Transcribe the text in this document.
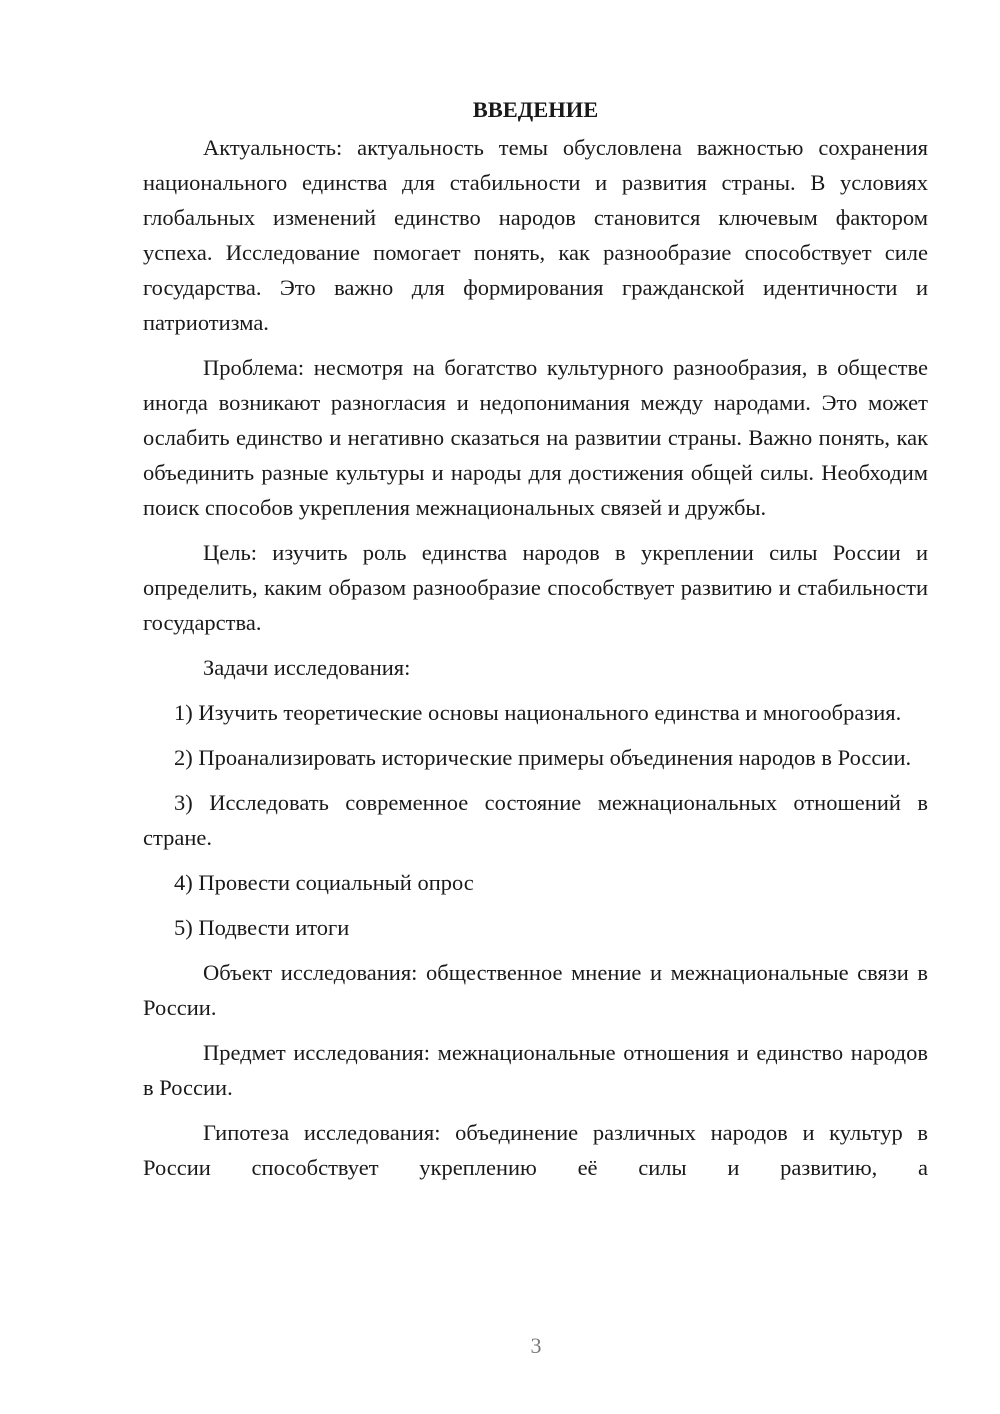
ВВЕДЕНИЕ

Актуальность: актуальность темы обусловлена важностью сохранения национального единства для стабильности и развития страны. В условиях глобальных изменений единство народов становится ключевым фактором успеха. Исследование помогает понять, как разнообразие способствует силе государства. Это важно для формирования гражданской идентичности и патриотизма.

Проблема: несмотря на богатство культурного разнообразия, в обществе иногда возникают разногласия и недопонимания между народами. Это может ослабить единство и негативно сказаться на развитии страны. Важно понять, как объединить разные культуры и народы для достижения общей силы. Необходим поиск способов укрепления межнациональных связей и дружбы.

Цель: изучить роль единства народов в укреплении силы России и определить, каким образом разнообразие способствует развитию и стабильности государства.

Задачи исследования:

1) Изучить теоретические основы национального единства и многообразия.

2) Проанализировать исторические примеры объединения народов в России.

3) Исследовать современное состояние межнациональных отношений в стране.

4) Провести социальный опрос

5) Подвести итоги

Объект исследования: общественное мнение и межнациональные связи в России.

Предмет исследования: межнациональные отношения и единство народов в России.

Гипотеза исследования: объединение различных народов и культур в России способствует укреплению её силы и развитию, а

3
